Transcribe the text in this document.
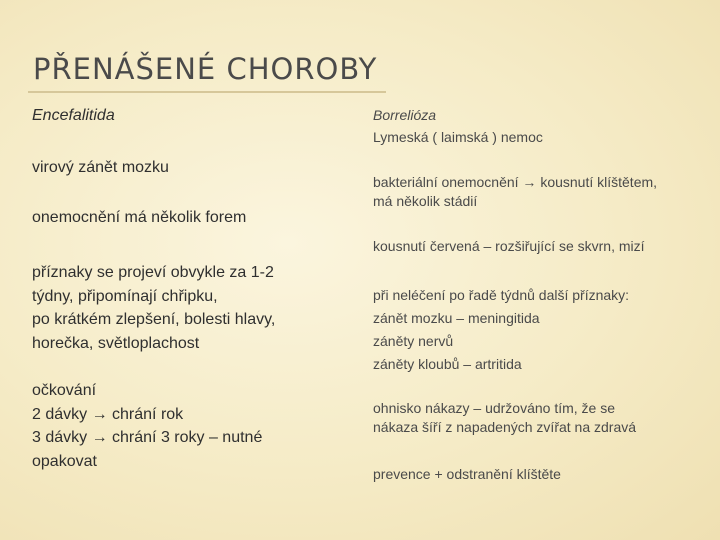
PŘENÁŠENÉ CHOROBY
Encefalitida
virový zánět mozku
onemocnění má několik forem
příznaky se projeví obvykle za 1-2
týdny, připomínají chřipku,
po krátkém zlepšení, bolesti hlavy,
horečka, světloplachost
očkování
2 dávky → chrání rok
3 dávky → chrání 3 roky – nutné
opakovat
Borrelióza
Lymeská ( laimská ) nemoc
bakteriální onemocnění → kousnutí klíštětem,
má několik stádií
kousnutí červená – rozšiřující se skvrn, mizí
při neléčení po řadě týdnů další příznaky:
zánět mozku – meningitida
záněty nervů
záněty kloubů – artritida
ohnisko nákazy – udržováno tím, že se
nákaza šíří z napadených zvířat na zdravá
prevence + odstranění klíštěte
